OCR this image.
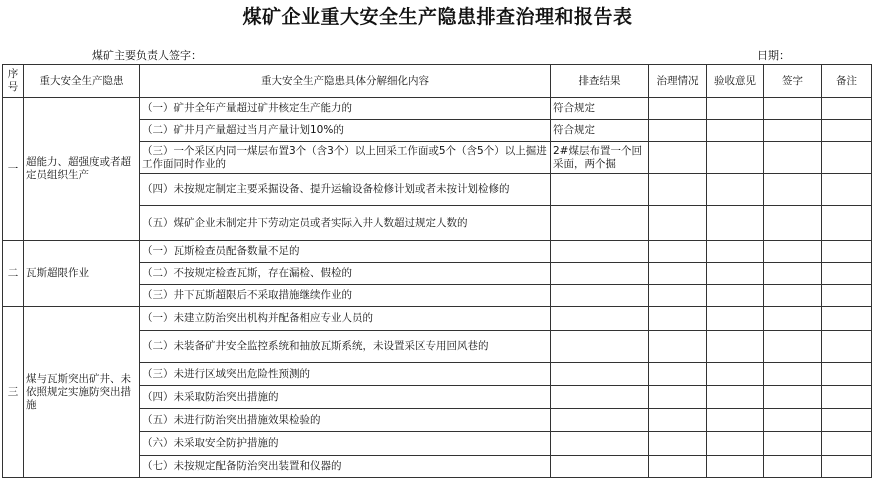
煤矿企业重大安全生产隐患排查治理和报告表
煤矿主要负责人签字：	日期：
序号	重大安全生产隐患	重大安全生产隐患具体分解细化内容	排查结果	治理情况	验收意见	签字	备注
一	超能力、超强度或者超定员组织生产	（一）矿井全年产量超过矿井核定生产能力的	符合规定				
		（二）矿井月产量超过当月产量计划10%的	符合规定				
		（三）一个采区内同一煤层布置3个（含3个）以上回采工作面或5个（含5个）以上掘进工作面同时作业的	2#煤层布置一个回采面，两个掘				
		（四）未按规定制定主要采掘设备、提升运输设备检修计划或者未按计划检修的					
		（五）煤矿企业未制定井下劳动定员或者实际入井人数超过规定人数的					
二	瓦斯超限作业	（一）瓦斯检查员配备数量不足的					
		（二）不按规定检查瓦斯，存在漏检、假检的					
		（三）井下瓦斯超限后不采取措施继续作业的					
三	煤与瓦斯突出矿井、未依照规定实施防突出措施	（一）未建立防治突出机构并配备相应专业人员的					
		（二）未装备矿井安全监控系统和抽放瓦斯系统，未设置采区专用回风巷的					
		（三）未进行区域突出危险性预测的					
		（四）未采取防治突出措施的					
		（五）未进行防治突出措施效果检验的					
		（六）未采取安全防护措施的					
		（七）未按规定配备防治突出装置和仪器的					
